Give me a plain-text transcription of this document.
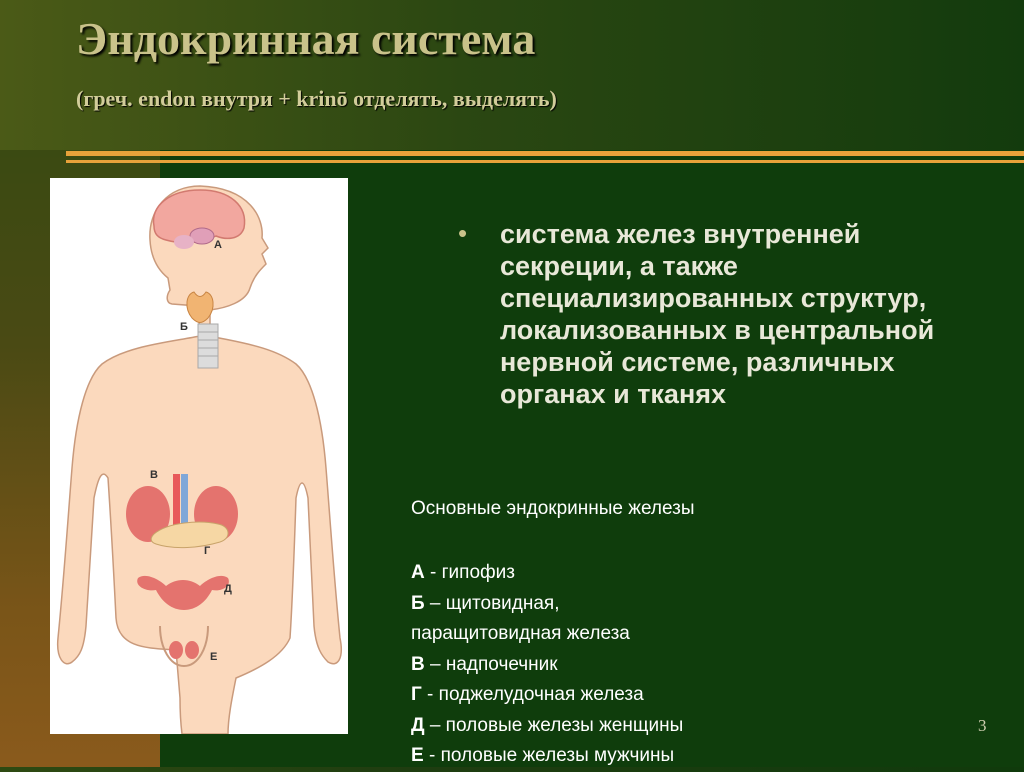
Эндокринная система

(греч. endon внутри + krinō отделять, выделять)

А
Б
В
Г
Д
Е
• система желез внутренней секреции, а также специализированных структур, локализованных в центральной нервной системе, различных органах и тканях

Основные эндокринные железы

А - гипофиз
Б – щитовидная,
паращитовидная железа
В – надпочечник
Г - поджелудочная железа
Д – половые железы женщины
Е - половые железы мужчины
3
